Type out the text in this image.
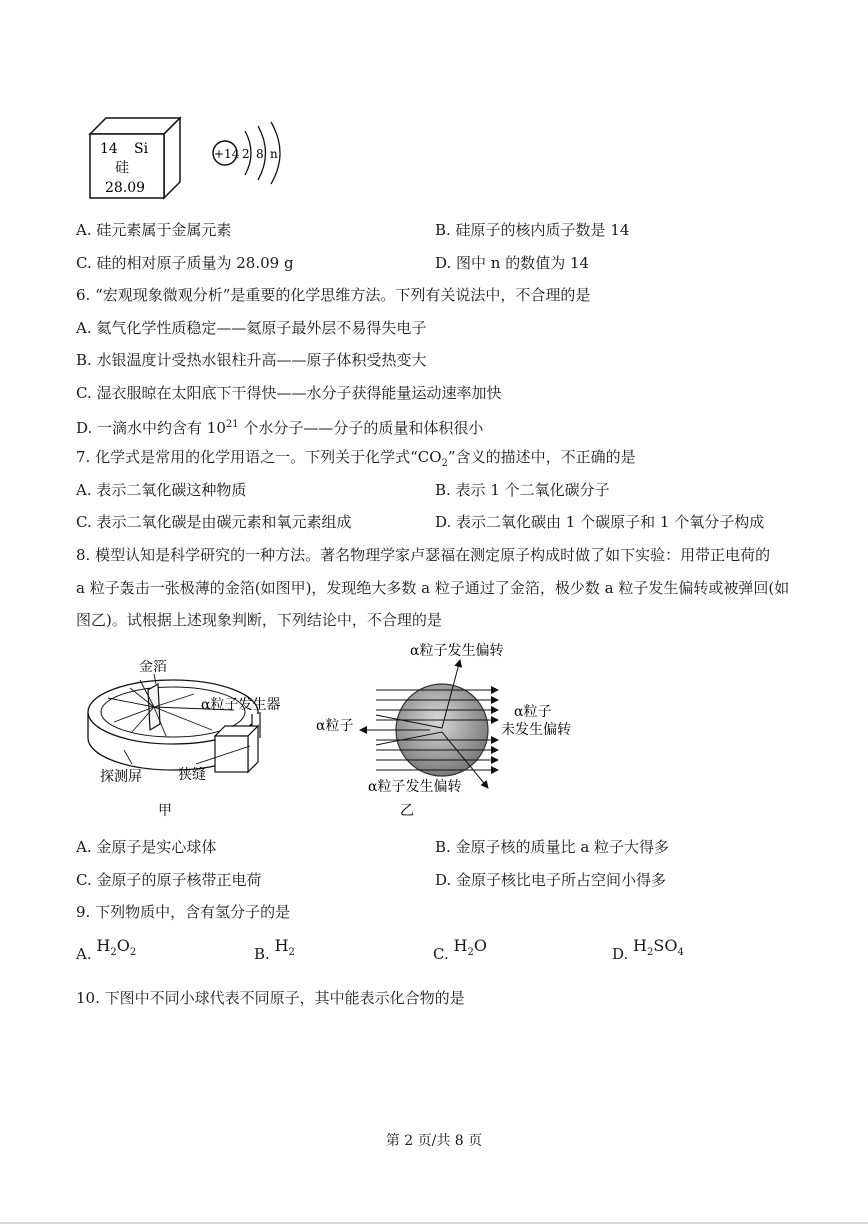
14 Si
硅
28.09
+14 2 8 n
A. 硅元素属于金属元素	B. 硅原子的核内质子数是 14
C. 硅的相对原子质量为 28.09 g	D. 图中 n 的数值为 14
6. “宏观现象微观分析”是重要的化学思维方法。下列有关说法中，不合理的是
A. 氦气化学性质稳定——氦原子最外层不易得失电子
B. 水银温度计受热水银柱升高——原子体积受热变大
C. 湿衣服晾在太阳底下干得快——水分子获得能量运动速率加快
D. 一滴水中约含有 $10^{21}$ 个水分子——分子的质量和体积很小
7. 化学式是常用的化学用语之一。下列关于化学式“$CO_2$”含义的描述中，不正确的是
A. 表示二氧化碳这种物质	B. 表示 1 个二氧化碳分子
C. 表示二氧化碳是由碳元素和氧元素组成	D. 表示二氧化碳由 1 个碳原子和 1 个氧分子构成
8. 模型认知是科学研究的一种方法。著名物理学家卢瑟福在测定原子构成时做了如下实验：用带正电荷的
a 粒子轰击一张极薄的金箔(如图甲)，发现绝大多数 a 粒子通过了金箔，极少数 a 粒子发生偏转或被弹回(如
图乙)。试根据上述现象判断，下列结论中，不合理的是
金箔
α粒子发生器
探测屏	狭缝
甲
α粒子发生偏转
α粒子
α粒子
未发生偏转
α粒子发生偏转
乙
A. 金原子是实心球体	B. 金原子核的质量比 a 粒子大得多
C. 金原子的原子核带正电荷	D. 金原子核比电子所占空间小得多
9. 下列物质中，含有氢分子的是
A. $H_2O_2$	B. $H_2$	C. $H_2O$	D. $H_2SO_4$
10. 下图中不同小球代表不同原子，其中能表示化合物的是
第 2 页/共 8 页
